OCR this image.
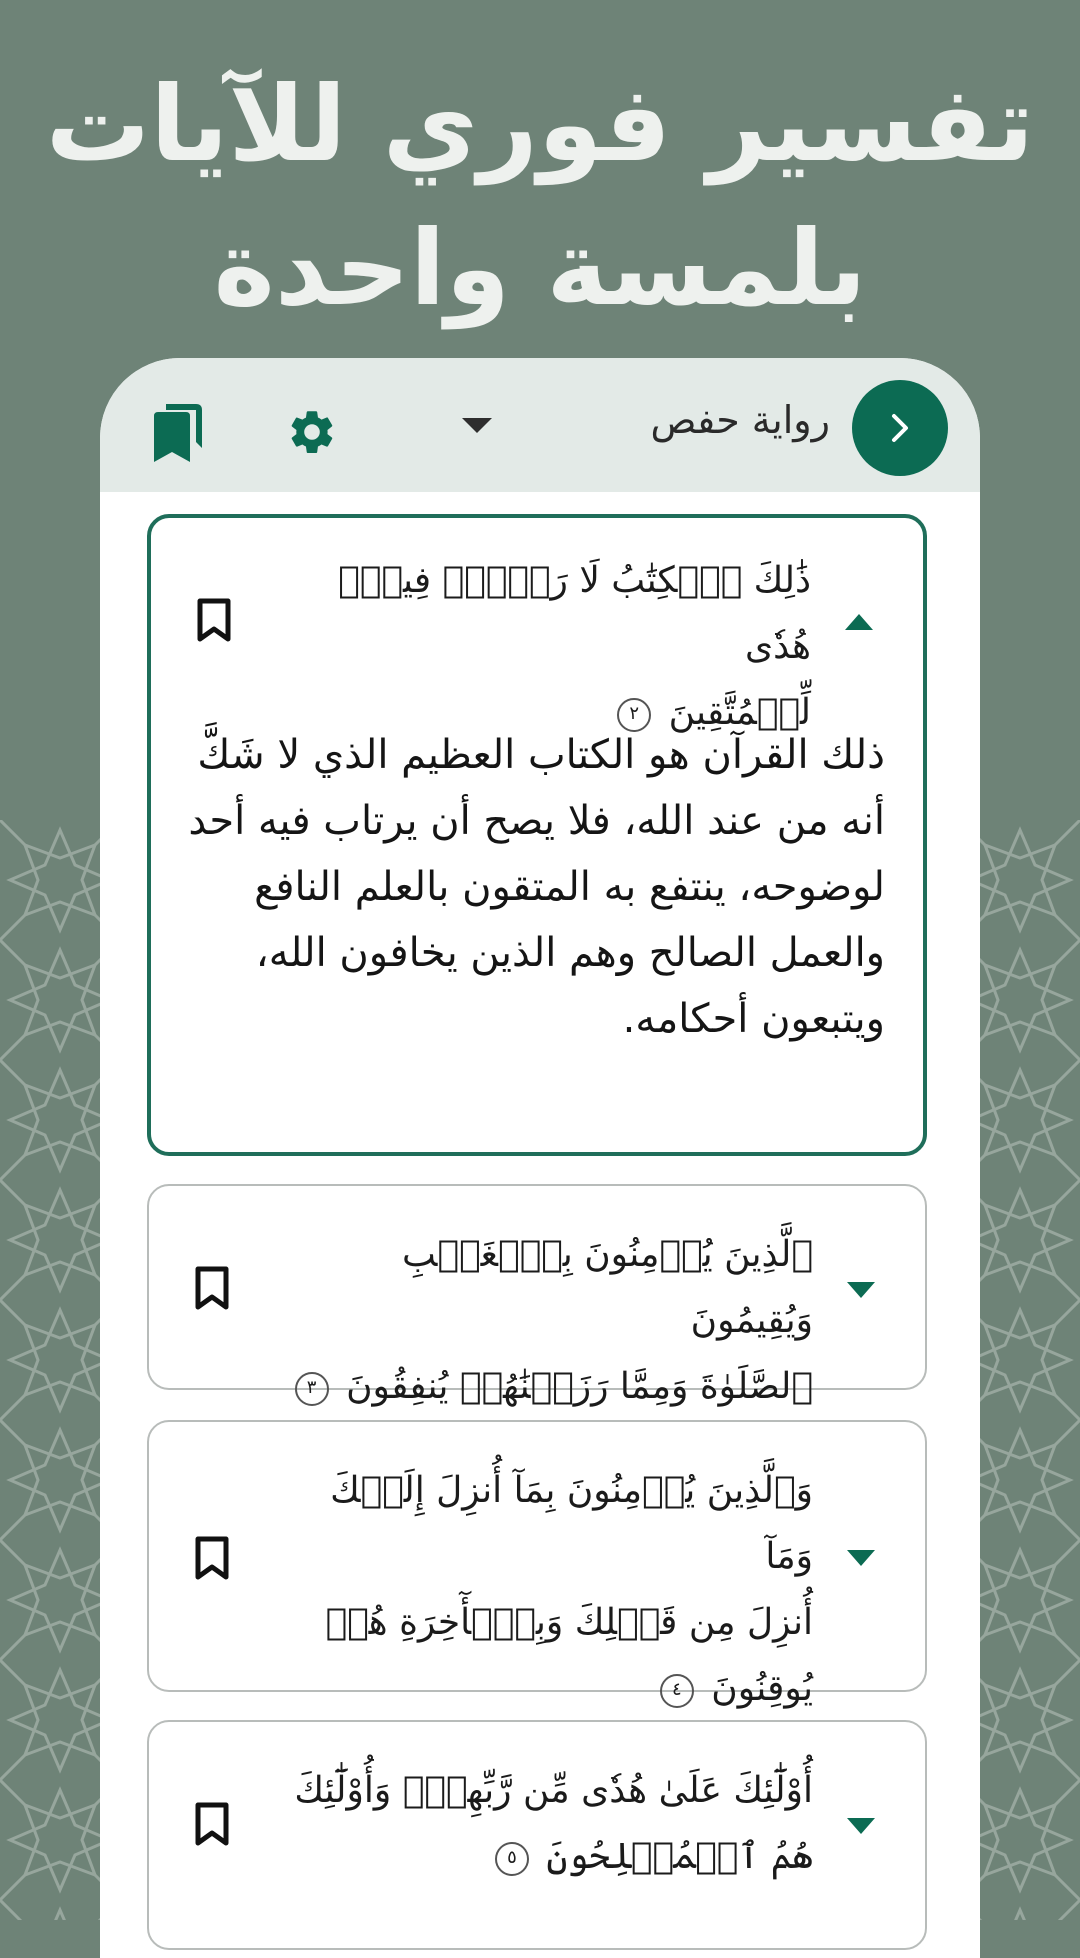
تفسير فوري للآيات
بلمسة واحدة
رواية حفص
ذَٰلِكَ ٱلۡكِتَٰبُ لَا رَيۡبَۛ فِيهِۛ هُدٗى
لِّلۡمُتَّقِينَ ٢
ذلك القرآن هو الكتاب العظيم الذي لا شَكَّ أنه من عند الله، فلا يصح أن يرتاب فيه أحد لوضوحه، ينتفع به المتقون بالعلم النافع والعمل الصالح وهم الذين يخافون الله، ويتبعون أحكامه.
ٱلَّذِينَ يُؤۡمِنُونَ بِٱلۡغَيۡبِ وَيُقِيمُونَ
ٱلصَّلَوٰةَ وَمِمَّا رَزَقۡنَٰهُمۡ يُنفِقُونَ ٣
وَٱلَّذِينَ يُؤۡمِنُونَ بِمَآ أُنزِلَ إِلَيۡكَ وَمَآ
أُنزِلَ مِن قَبۡلِكَ وَبِٱلۡأٓخِرَةِ هُمۡ
يُوقِنُونَ ٤
أُوْلَٰٓئِكَ عَلَىٰ هُدٗى مِّن رَّبِّهِمۡۖ وَأُوْلَٰٓئِكَ
هُمُ ٱلۡمُفۡلِحُونَ ٥
